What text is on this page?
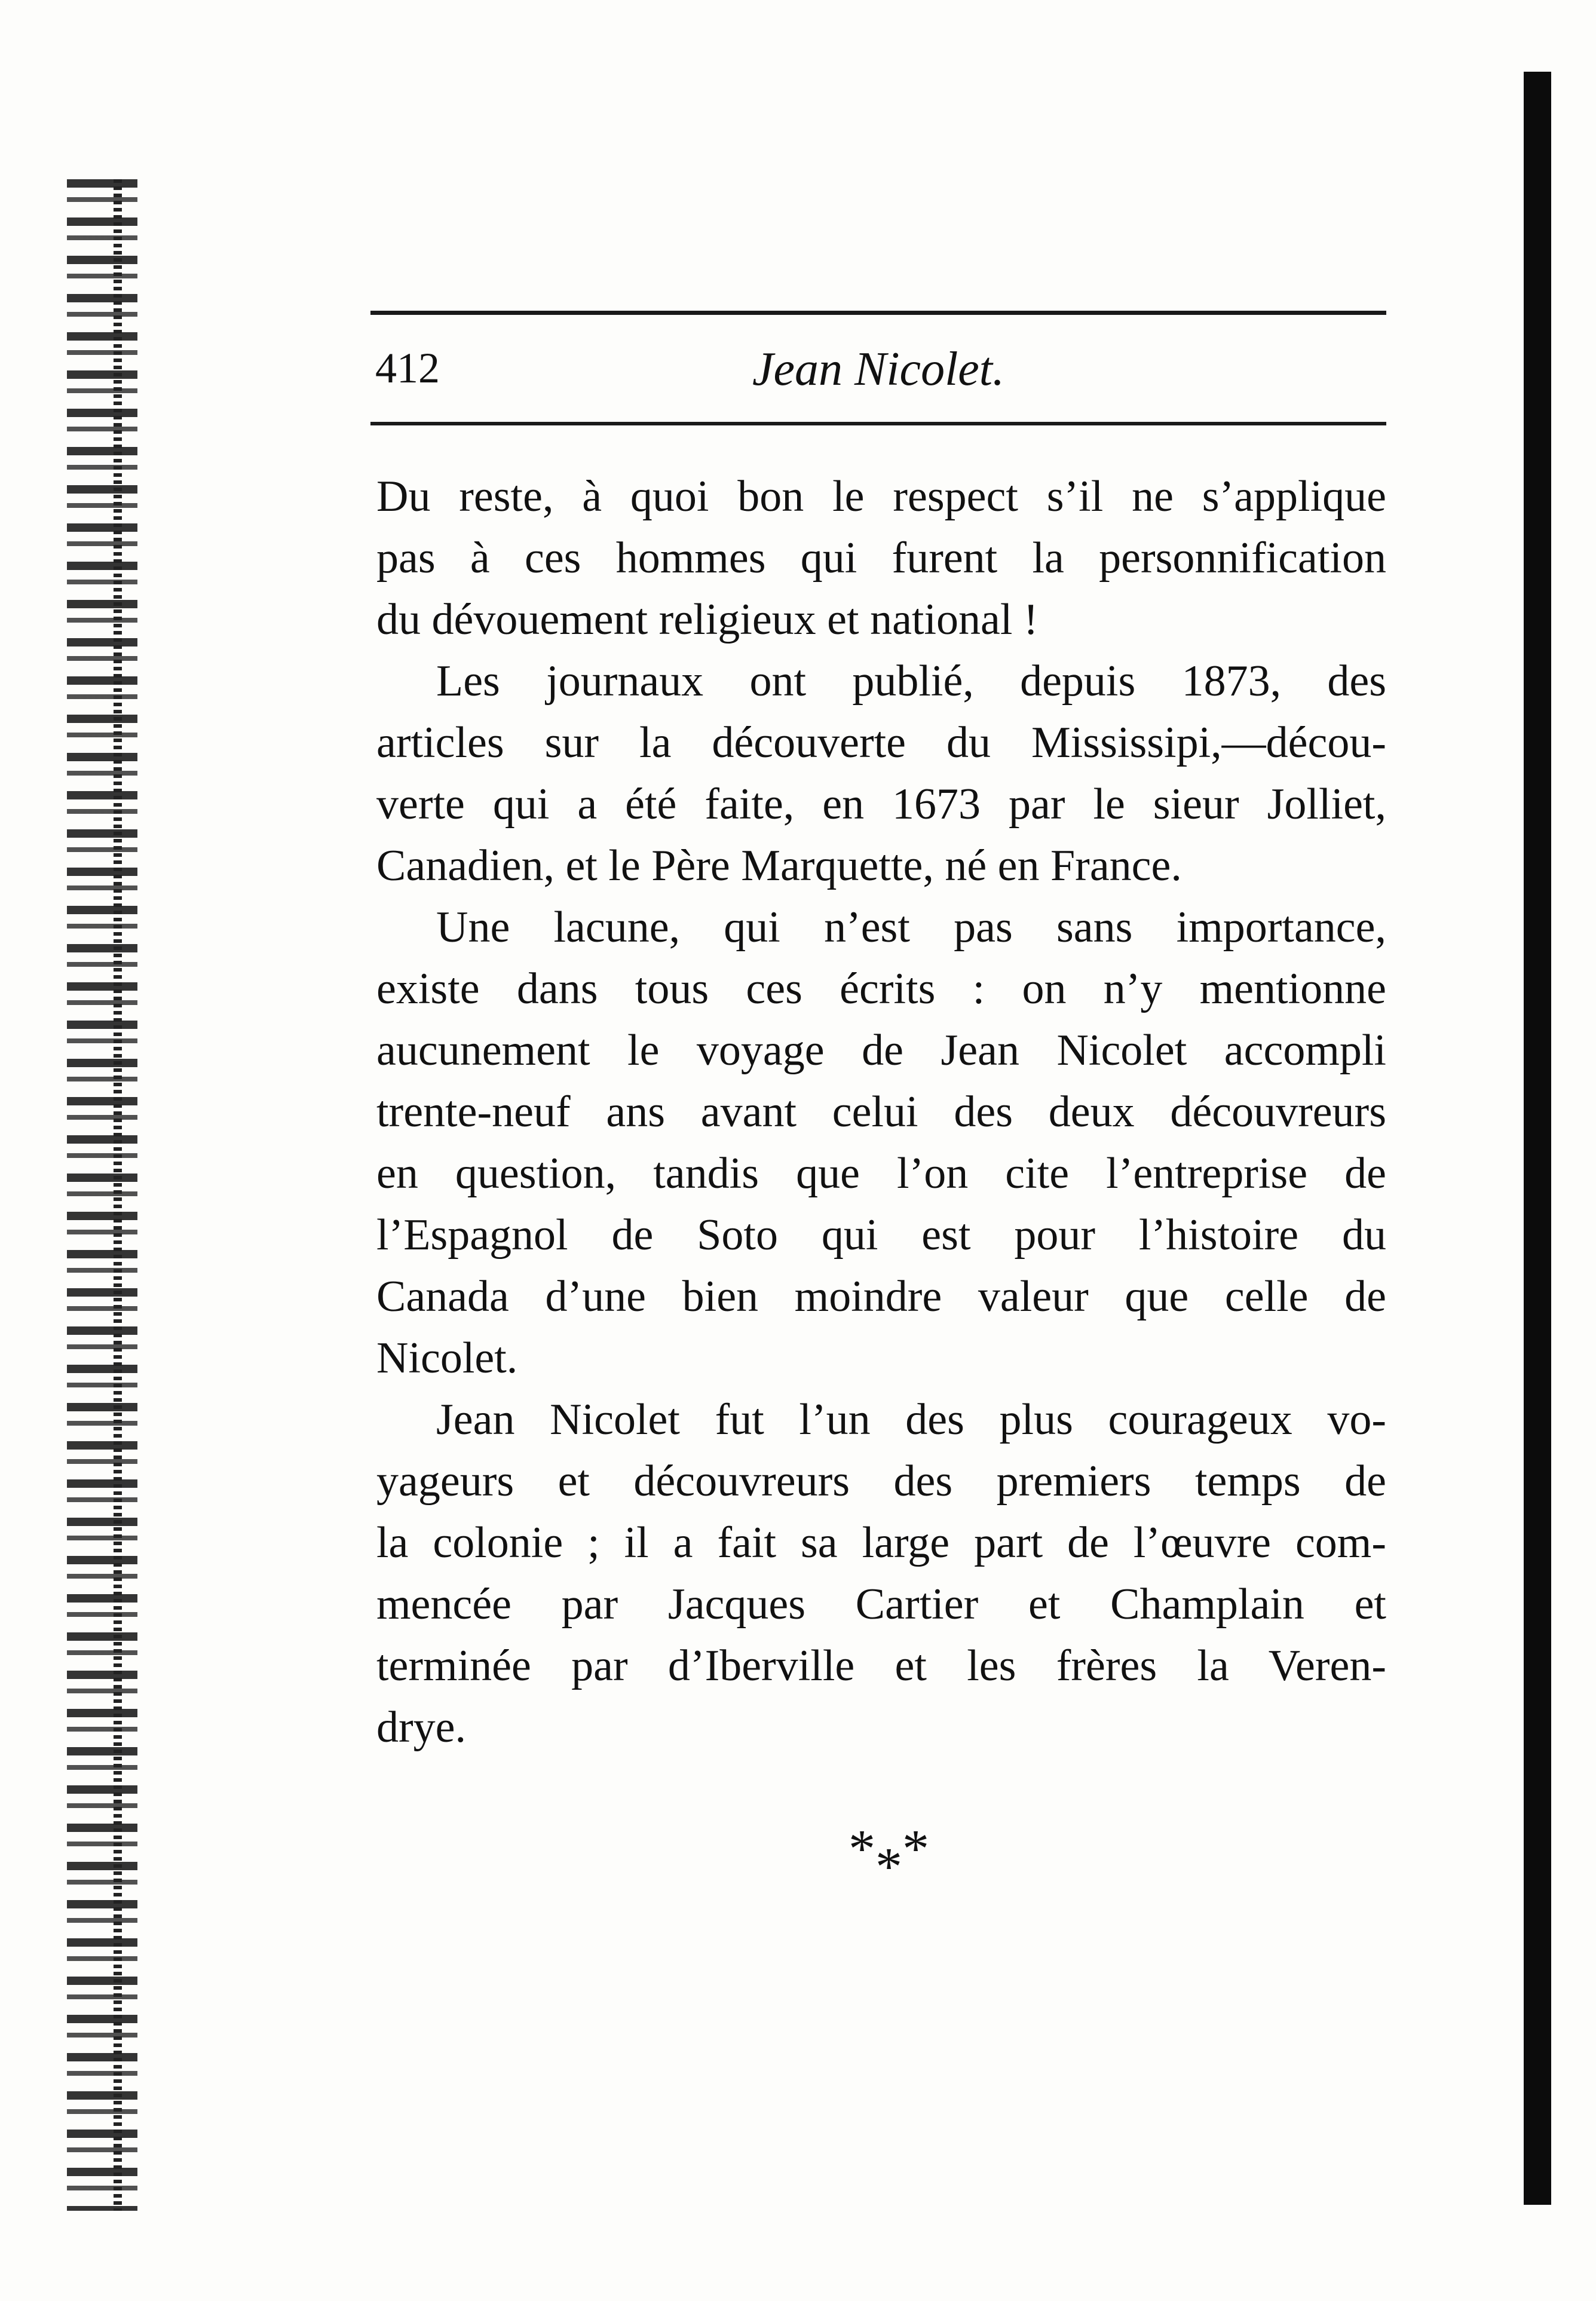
412	Jean Nicolet.
Du reste, à quoi bon le respect s’il ne s’applique
pas à ces hommes qui furent la personnification
du dévouement religieux et national !
Les journaux ont publié, depuis 1873, des
articles sur la découverte du Mississipi,—décou-
verte qui a été faite, en 1673 par le sieur Jolliet,
Canadien, et le Père Marquette, né en France.
Une lacune, qui n’est pas sans importance,
existe dans tous ces écrits : on n’y mentionne
aucunement le voyage de Jean Nicolet accompli
trente-neuf ans avant celui des deux découvreurs
en question, tandis que l’on cite l’entreprise de
l’Espagnol de Soto qui est pour l’histoire du
Canada d’une bien moindre valeur que celle de
Nicolet.
Jean Nicolet fut l’un des plus courageux vo-
yageurs et découvreurs des premiers temps de
la colonie ; il a fait sa large part de l’œuvre com-
mencée par Jacques Cartier et Champlain et
terminée par d’Iberville et les frères la Veren-
drye.
***
